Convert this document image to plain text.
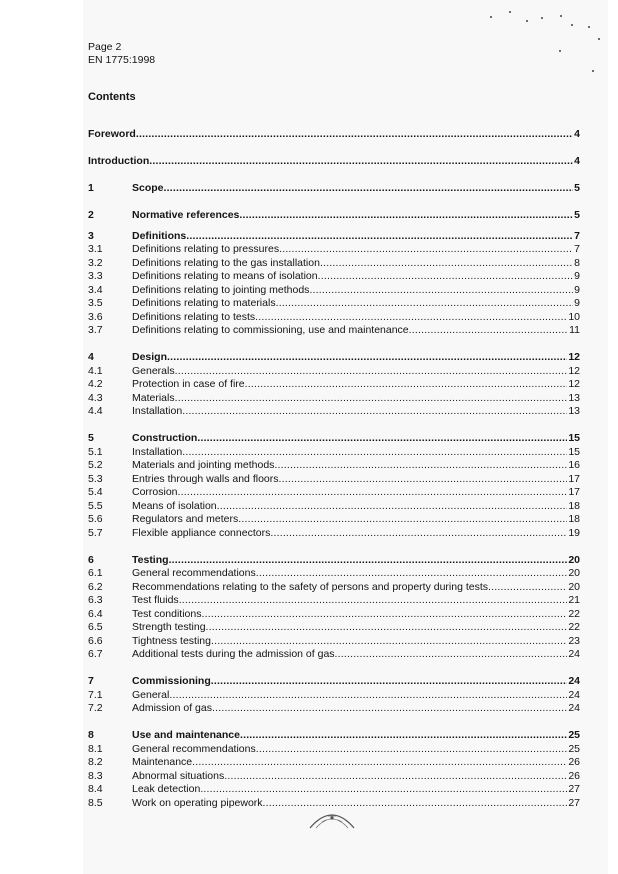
Page 2
EN 1775:1998
Contents
Foreword .....	4
Introduction .....	4
1	Scope .....	5
2	Normative references .....	5
3	Definitions .....	7
3.1	Definitions relating to pressures .....	7
3.2	Definitions relating to the gas installation .....	8
3.3	Definitions relating to means of isolation .....	9
3.4	Definitions relating to jointing methods .....	9
3.5	Definitions relating to materials .....	9
3.6	Definitions relating to tests .....	10
3.7	Definitions relating to commissioning, use and maintenance .....	11
4	Design .....	12
4.1	Generals .....	12
4.2	Protection in case of fire .....	12
4.3	Materials .....	13
4.4	Installation .....	13
5	Construction .....	15
5.1	Installation .....	15
5.2	Materials and jointing methods .....	16
5.3	Entries through walls and floors .....	17
5.4	Corrosion .....	17
5.5	Means of isolation .....	18
5.6	Regulators and meters .....	18
5.7	Flexible appliance connectors .....	19
6	Testing .....	20
6.1	General recommendations .....	20
6.2	Recommendations relating to the safety of persons and property during tests .....	20
6.3	Test fluids .....	21
6.4	Test conditions .....	22
6.5	Strength testing .....	22
6.6	Tightness testing .....	23
6.7	Additional tests during the admission of gas .....	24
7	Commissioning .....	24
7.1	General .....	24
7.2	Admission of gas .....	24
8	Use and maintenance .....	25
8.1	General recommendations .....	25
8.2	Maintenance .....	26
8.3	Abnormal situations .....	26
8.4	Leak detection .....	27
8.5	Work on operating pipework .....	27
